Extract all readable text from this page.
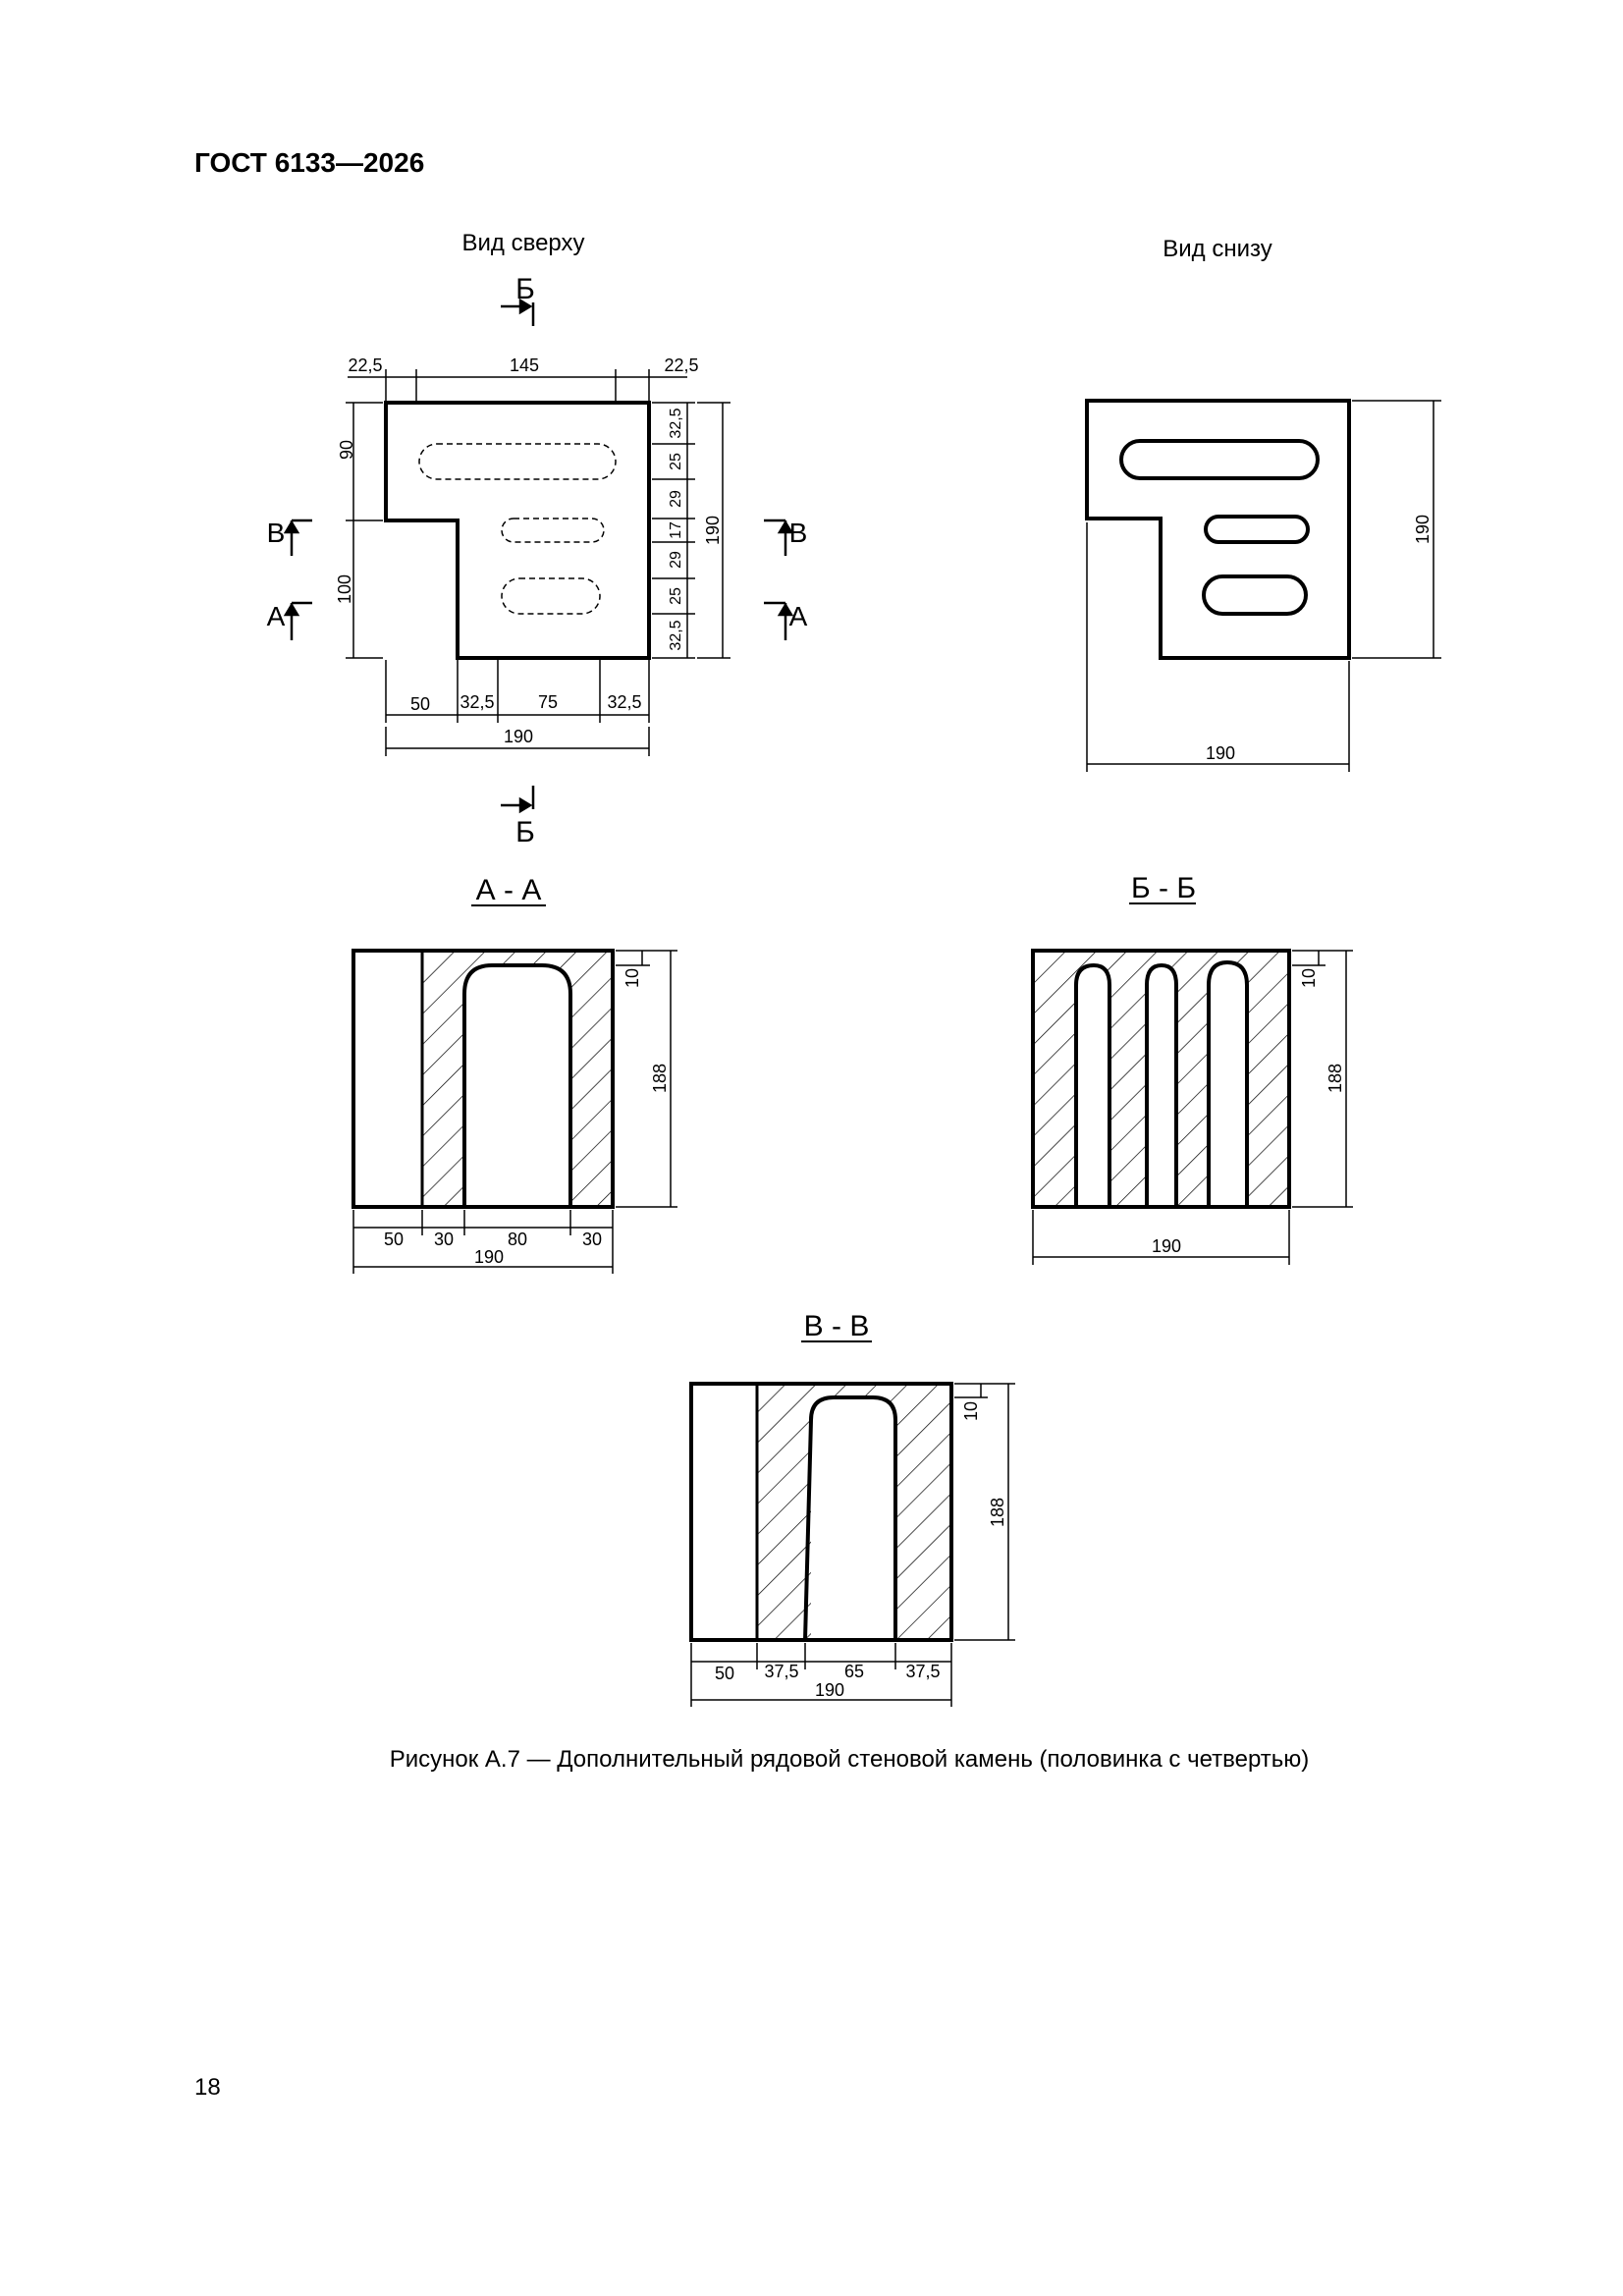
ГОСТ 6133—2026
Вид сверху
22,5	145	22,5
90
100
32,5
25
29
17
29
25
32,5
190
50 32,5 75	32,5
190
Б
Б
В	В
А	А
Вид снизу
190
190
А - А
10
188
50 30	80	30
190
Б - Б
10
188
190
В - В
10
188
50 37,5	65 37,5
190
Рисунок А.7 — Дополнительный рядовой стеновой камень (половинка с четвертью)
18
